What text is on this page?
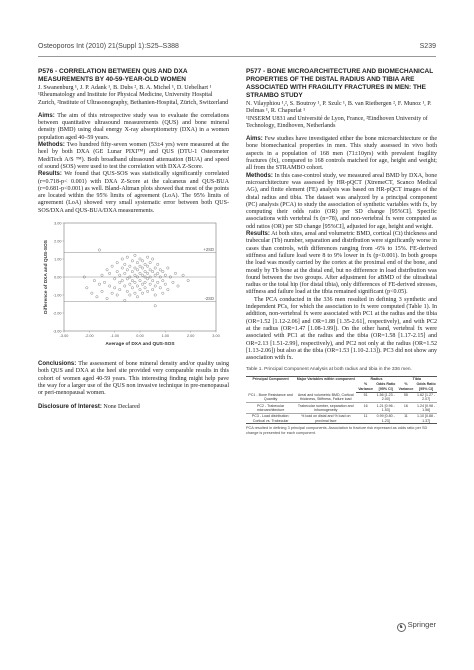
Osteoporos Int (2010) 21(Suppl 1):S25–S388	S239
P576 - CORRELATION BETWEEN QUS AND DXA MEASUREMENTS BY 40-59-YEAR-OLD WOMEN
J. Swanenburg ¹, J. P. Adank ¹, B. Dubs ², B. A. Michel ¹, D. Uebelhart ¹
¹Rheumatology and Institute for Physical Medicine, University Hospital Zurich, ²Institute of Ultrasonography, Bethanien-Hospital, Zürich, Switzerland

Aims: The aim of this retrospective study was to evaluate the correlations between quantitative ultrasound measurements (QUS) and bone mineral density (BMD) using dual energy X-ray absorptiometry (DXA) in a women population aged 40–59 years.

Methods: Two hundred fifty-seven women (53±4 yrs) were measured at the heel by both DXA (GE Lunar PIXI™) and QUS (DTU-1 Osteometer MediTech A/S ™). Both broadband ultrasound attenuation (BUA) and speed of sound (SOS) were used to test the correlation with DXA Z-Score.

Results: We found that QUS-SOS was statistically significantly correlated (r=0.718-p< 0.001) with DXA Z-Score at the calcaneus and QUS-BUA (r=0.681-p<0.001) as well. Bland-Altman plots showed that most of the points are located within the 95% limits of agreement (LoA). The 95% limits of agreement (LoA) showed very small systematic error between both QUS-SOS/DXA and QUS-BUA/DXA measurements.

+2SD
-2SD
-3.00	-2.00	-1.00	0.00	1.00	2.00	3.00
-3.00
-2.00
-1.00
0.00
1.00
2.00
3.00
Average of DXA and QUS-SOS
Difference of DXA and QUS-SOS

Conclusions: The assessment of bone mineral density and/or quality using both QUS and DXA at the heel site provided very comparable results in this cohort of women aged 40-59 years. This interesting finding might help pave the way for a larger use of the QUS non invasive technique in pre-menopausal or peri-menopausal women.

Disclosure of Interest: None Declared

P577 - BONE MICROARCHITECTURE AND BIOMECHANICAL PROPERTIES OF THE DISTAL RADIUS AND TIBIA ARE ASSOCIATED WITH FRAGILITY FRACTURES IN MEN: THE STRAMBO STUDY
N. Vilayphiou ¹,², S. Boutroy ¹, P. Szulc ¹, B. van Rietbergen ², F. Munoz ¹, P. Delmas ¹, R. Chapurlat ¹
¹INSERM U831 and Université de Lyon, France, ²Eindhoven University of Technology, Eindhoven, Netherlands

Aims: Few studies have investigated either the bone microarchitecture or the bone biomechanical properties in men. This study assessed in vivo both aspects in a population of 168 men (71±10yrs) with prevalent fragility fractures (fx), compared to 168 controls matched for age, height and weight; all from the STRAMBO cohort.

Methods: In this case-control study, we measured areal BMD by DXA, bone microarchitecture was assessed by HR-pQCT (XtremeCT, Scanco Medical AG), and finite element (FE) analysis was based on HR-pQCT images of the distal radius and tibia. The dataset was analyzed by a principal component (PC) analysis (PCA) to study the association of synthetic variables with fx, by computing their odds ratio (OR) per SD change [95%CI]. Specific associations with vertebral fx (n=78), and non-vertebral fx were computed as odd ratios (OR) per SD change [95%CI], adjusted for age, height and weight.

Results: At both sites, areal and volumetric BMD, cortical (Ct) thickness and trabecular (Tb) number, separation and distribution were significantly worse in cases than controls, with differences ranging from -6% to 15%. FE-derived stiffness and failure load were 8 to 9% lower in fx (p<0.001). In both groups the load was mostly carried by the cortex at the proximal end of the bone, and mostly by Tb bone at the distal end, but no difference in load distribution was found between the two groups. After adjustment for aBMD of the ultradistal radius or the total hip (for distal tibia), only differences of FE-derived stresses, stiffness and failure load at the tibia remained significant (p<0.05).

The PCA conducted in the 336 men resulted in defining 3 synthetic and independent PCs, for which the association to fx were computed (Table 1). In addition, non-vertebral fx were associated with PC1 at the radius and the tibia (OR=1.52 [1.12-2.06] and OR=1.88 [1.35-2.61], respectively), and with PC2 at the radius (OR=1.47 [1.08-1.99]). On the other hand, vertebral fx were associated with PC1 at the radius and the tibia (OR=1.58 [1.17-2.15] and OR=2.13 [1.51-2.99], respectively), and PC2 not only at the radius (OR=1.52 [1.13-2.06]) but also at the tibia (OR=1.53 [1.10-2.13]). PC3 did not show any association with fx.

Table 1. Principal Component Analysis at both radius and tibia in the 336 men.
Principal Component	Major Variables within component	Radius		Tibia	
		% Variance	Odds Ratio [95% CI]	% Variance	Odds Ratio [95% CI]
PC1 - Bone Resistance and Quantity	Areal and volumetric BMD, Cortical thickness, Stiffness, Failure load	51	1.56 [1.23 - 2.00]	55	1.62 [1.27 - 2.07]
PC2 - Trabecular microarchitecture	Trabecular number, separation and inhomogeneity	16	1.21 [0.96 - 1.53]	16	1.24 [0.98 - 1.56]
PC3 - Load distribution: Cortical vs. Trabecular	% load on distal and % load on proximal face	11	0.99 [0.80 - 1.23]	11	1.10 [0.88 - 1.37]
PCA resulted in defining 3 principal components. Association to fracture risk expressed as odds ratio per SD change is presented for each component.
♞ Springer
